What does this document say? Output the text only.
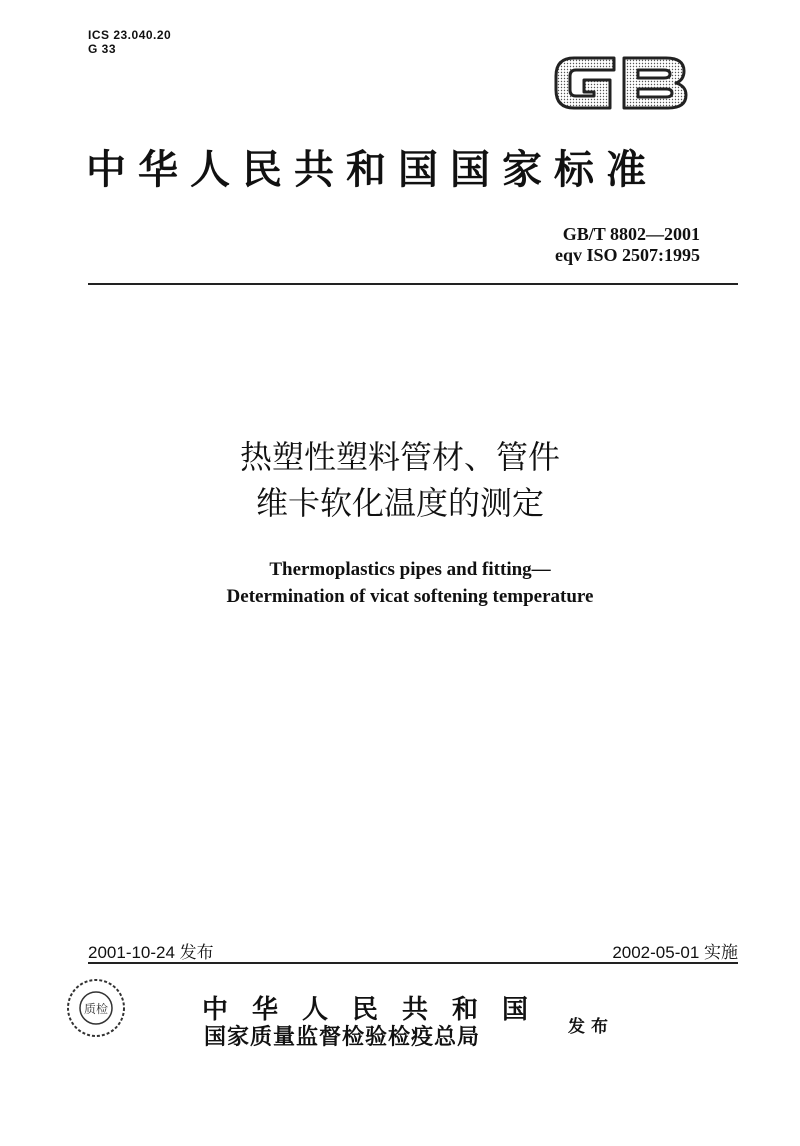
ICS 23.040.20
G 33
中华人民共和国国家标准
GB/T 8802—2001
eqv ISO 2507:1995
热塑性塑料管材、管件
维卡软化温度的测定
Thermoplastics pipes and fitting—
Determination of vicat softening temperature
2001-10-24 发布	2002-05-01 实施
质检	中华人民共和国
国家质量监督检验检疫总局	发布
